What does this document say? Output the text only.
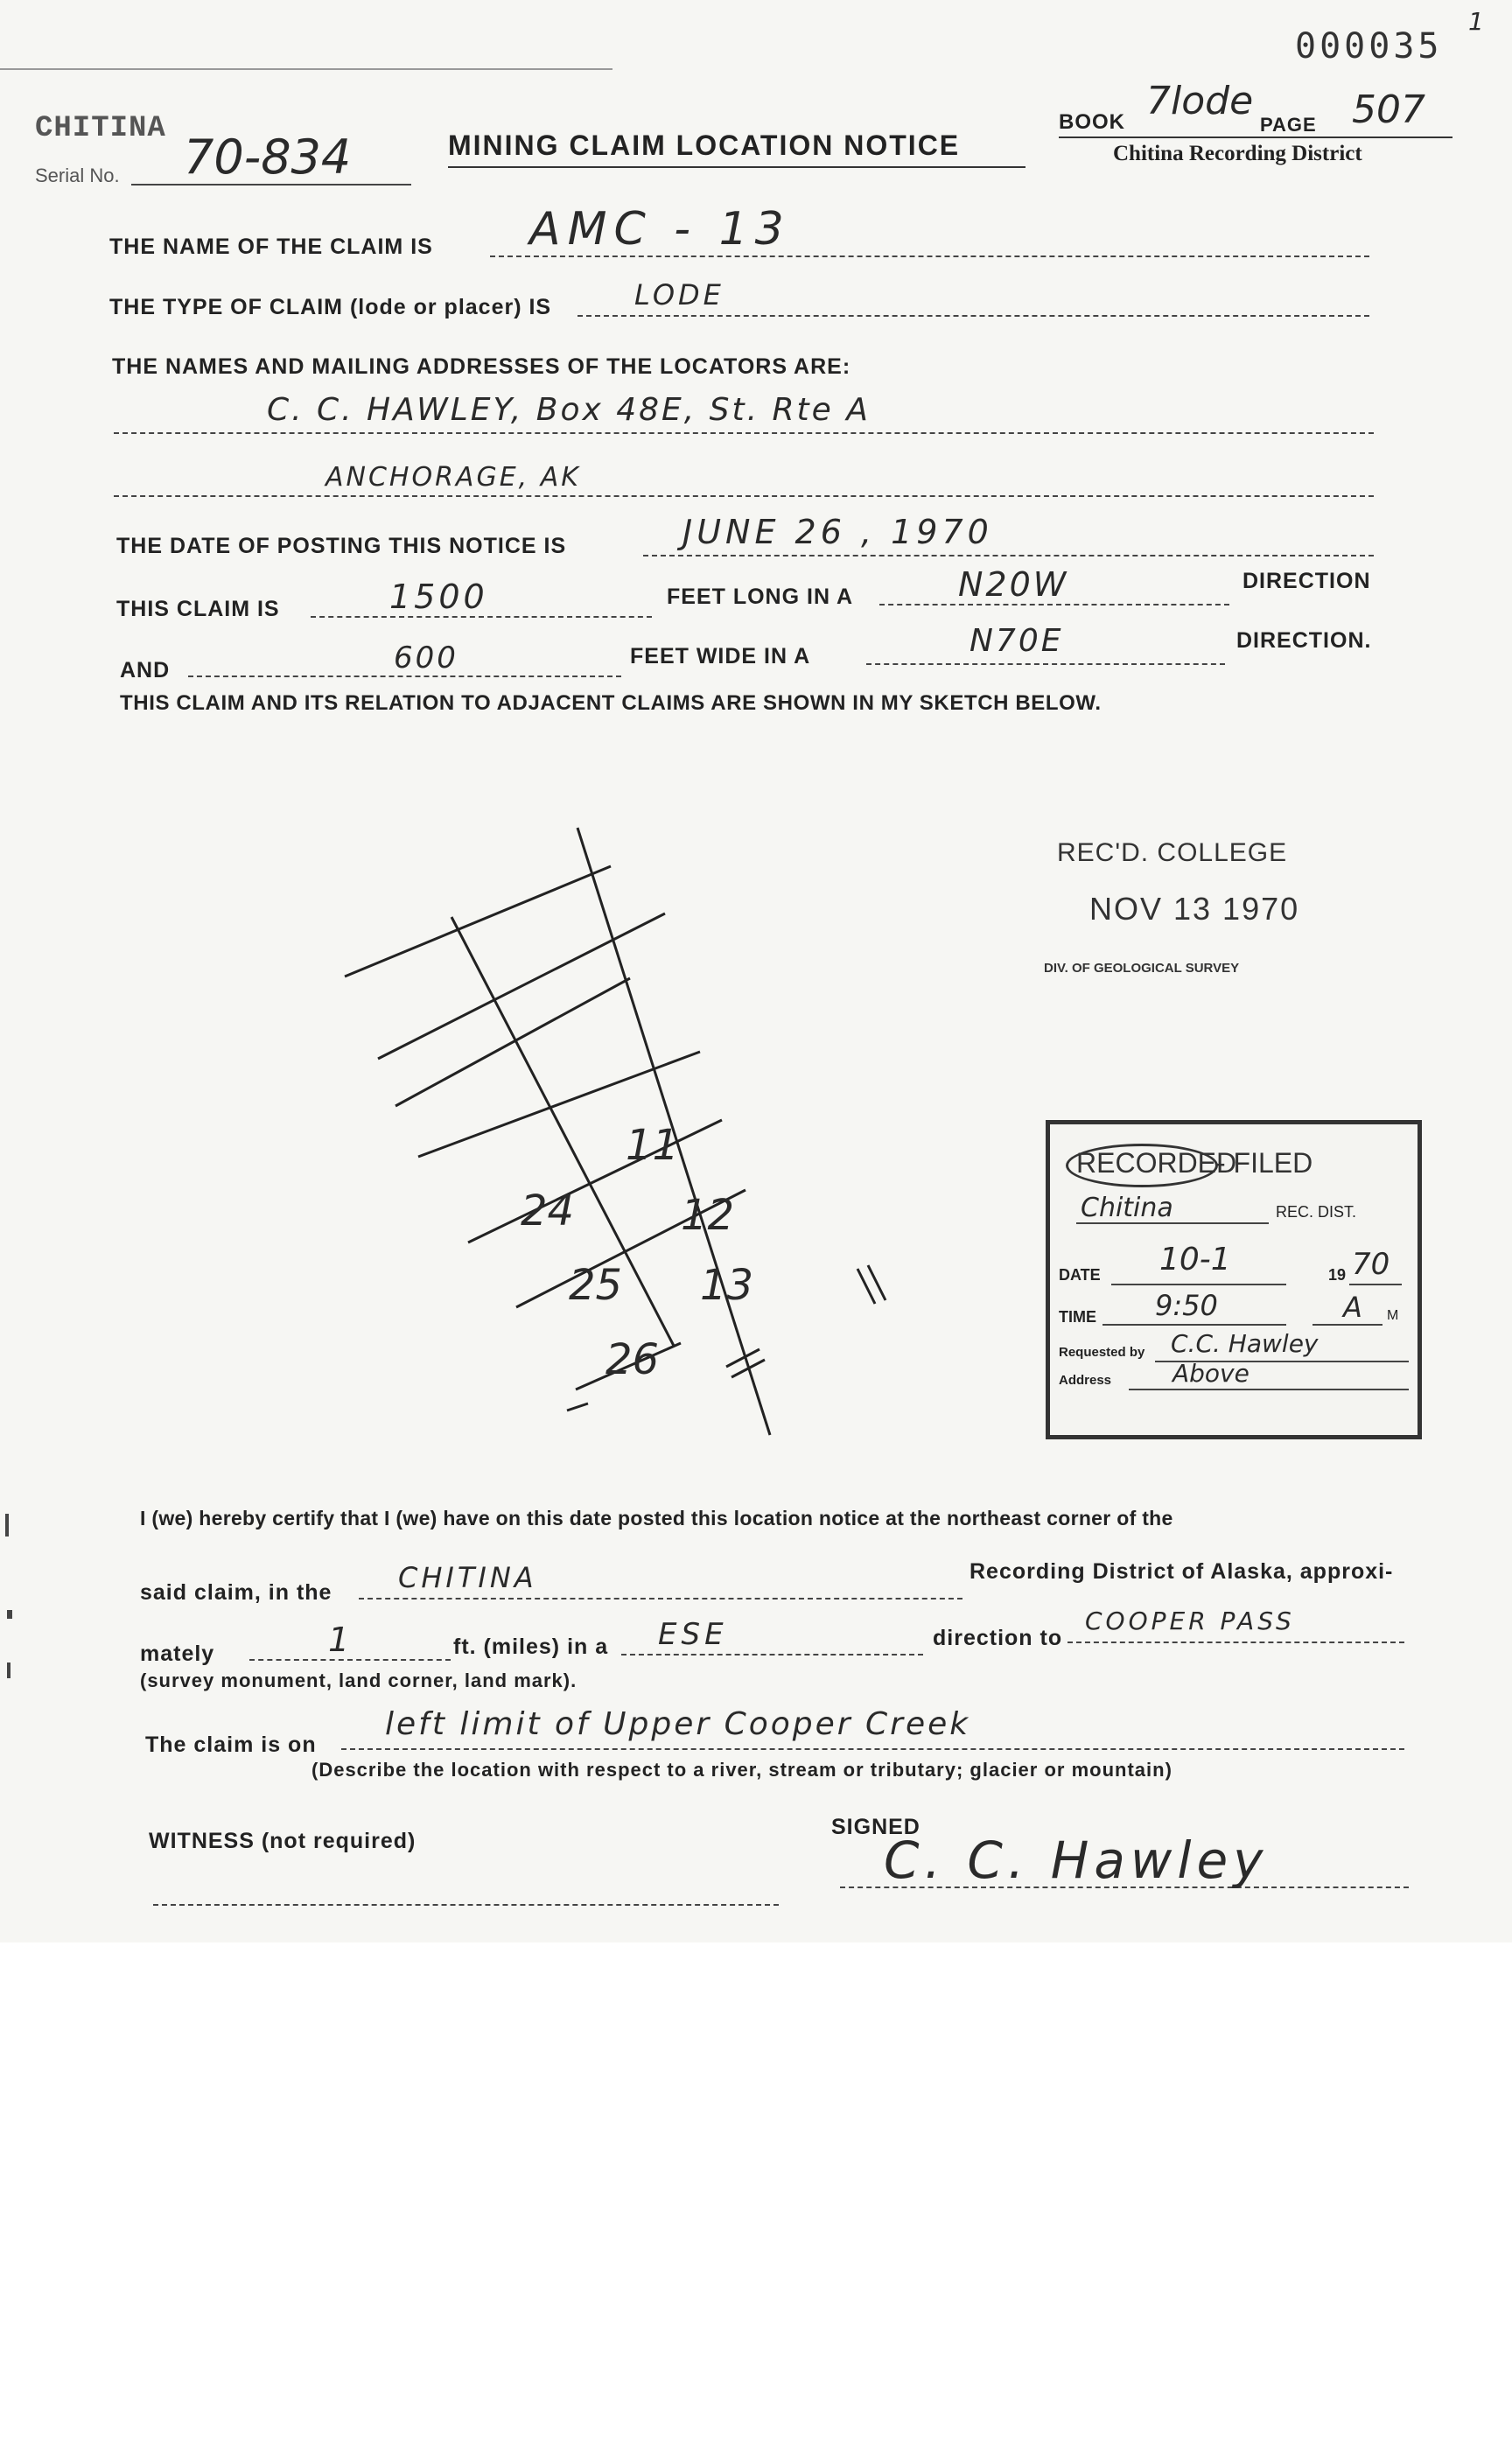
000035
1
CHITINA
Serial No. 70-834	MINING CLAIM LOCATION NOTICE
BOOK 7lode
PAGE 507
Chitina Recording District
THE NAME OF THE CLAIM IS AMC - 13
THE TYPE OF CLAIM (lode or placer) IS	LODE
THE NAMES AND MAILING ADDRESSES OF THE LOCATORS ARE:
C. C. HAWLEY, Box 48E, St. Rte A
ANCHORAGE, AK
THE DATE OF POSTING THIS NOTICE IS	JUNE 26 , 1970
THIS CLAIM IS	1500	FEET LONG IN A	N20W	DIRECTION
AND	600	FEET WIDE IN A	N70E	DIRECTION.
THIS CLAIM AND ITS RELATION TO ADJACENT CLAIMS ARE SHOWN IN MY SKETCH BELOW.
11
12
13
24
25
26
REC'D. COLLEGE
NOV 13 1970
DIV. OF GEOLOGICAL SURVEY
RECORDED
- FILED
Chitina	REC. DIST.
DATE 10-1	19 70
TIME 9:50	A M
Requested by C.C. Hawley
Address Above
I (we) hereby certify that I (we) have on this date posted this location notice at the northeast corner of the
said claim, in the CHITINA	Recording District of Alaska, approxi-
mately	1	ft. (miles) in a ESE	direction to
COOPER PASS
(survey monument, land corner, land mark).
The claim is on
left limit of Upper Cooper Creek
(Describe the location with respect to a river, stream or tributary; glacier or mountain)
WITNESS (not required)
SIGNED
C. C. Hawley
